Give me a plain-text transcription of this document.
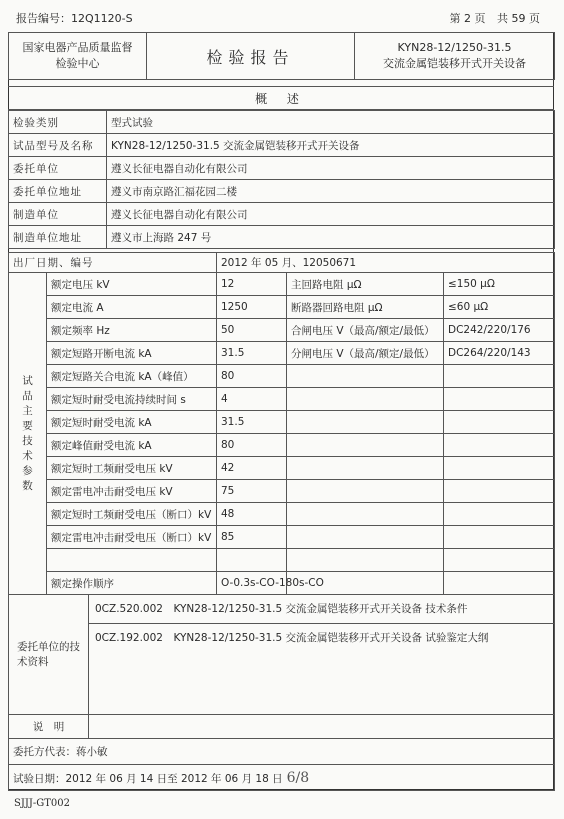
报告编号：12Q1120-S	第 2 页 共 59 页
国家电器产品质量监督
检验中心	检验报告	KYN28-12/1250-31.5
交流金属铠装移开式开关设备
概 述
检验类别	型式试验
试品型号及名称	KYN28-12/1250-31.5 交流金属铠装移开式开关设备
委托单位	遵义长征电器自动化有限公司
委托单位地址	遵义市南京路汇福花园二楼
制造单位	遵义长征电器自动化有限公司
制造单位地址	遵义市上海路 247 号
出厂日期、编号	2012 年 05 月、12050671
试品主要技术参数	额定电压 kV	12	主回路电阻 μΩ	≤150 μΩ
	额定电流 A	1250	断路器回路电阻 μΩ	≤60 μΩ
	额定频率 Hz	50	合闸电压 V（最高/额定/最低）	DC242/220/176
	额定短路开断电流 kA	31.5	分闸电压 V（最高/额定/最低）	DC264/220/143
	额定短路关合电流 kA（峰值）	80		
	额定短时耐受电流持续时间 s	4		
	额定短时耐受电流 kA	31.5		
	额定峰值耐受电流 kA	80		
	额定短时工频耐受电压 kV	42		
	额定雷电冲击耐受电压 kV	75		
	额定短时工频耐受电压（断口）kV	48		
	额定雷电冲击耐受电压（断口）kV	85		

	额定操作顺序	O-0.3s-CO-180s-CO		
委托单位的技术资料

0CZ.520.002　KYN28-12/1250-31.5 交流金属铠装移开式开关设备 技术条件
0CZ.192.002　KYN28-12/1250-31.5 交流金属铠装移开式开关设备 试验鉴定大纲
说　明	
委托方代表：蒋小敏
试验日期：2012 年 06 月 14 日至 2012 年 06 月 18 日 6/8
SJJJ-GT002
